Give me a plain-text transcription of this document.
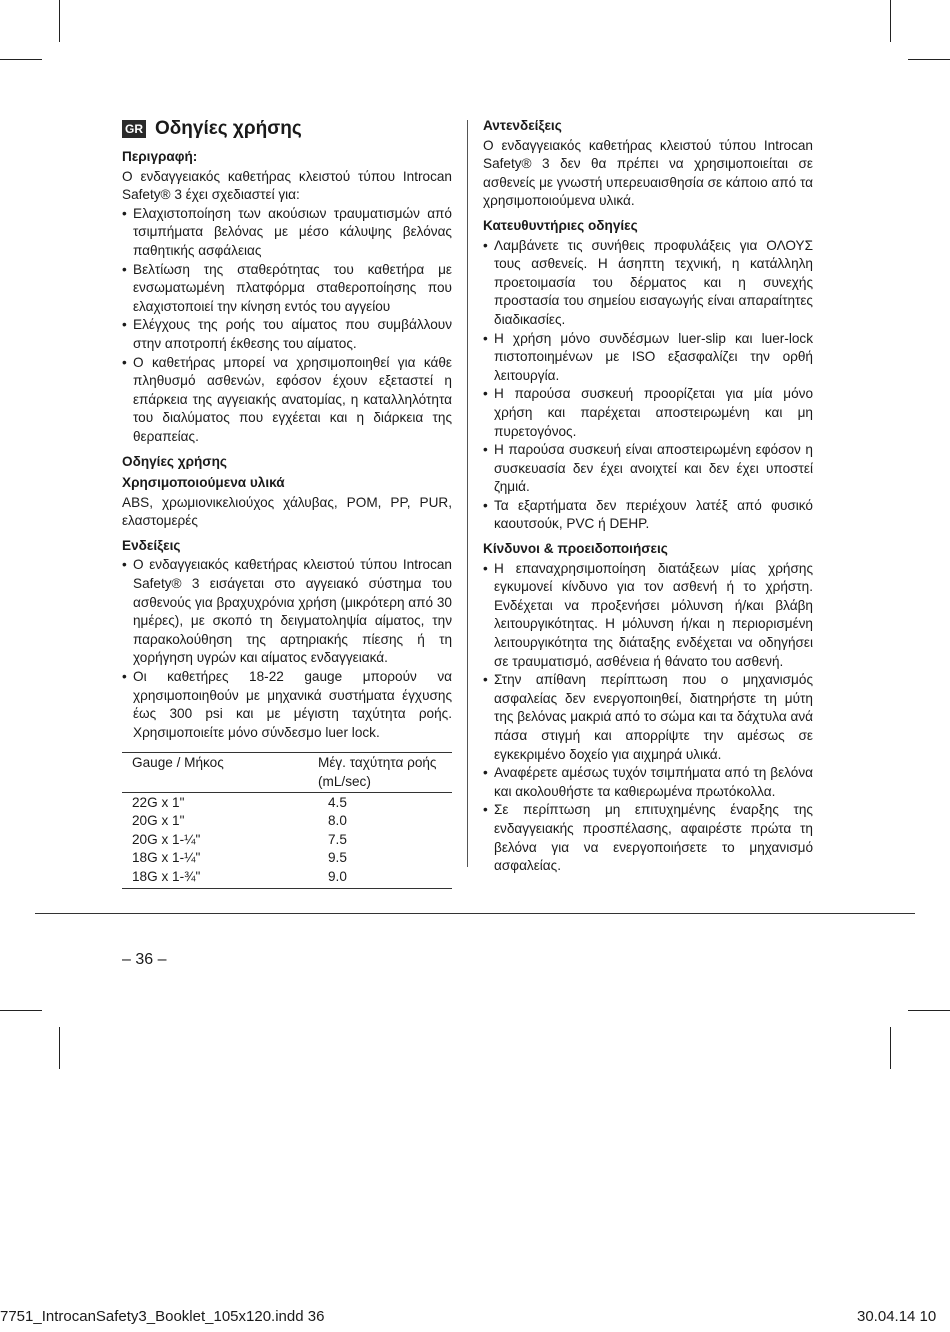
GR Οδηγίες χρήσης
Περιγραφή:

Ο ενδαγγειακός καθετήρας κλειστού τύπου Introcan Safety® 3 έχει σχεδιαστεί για:

• Ελαχιστοποίηση των ακούσιων τραυματισμών από τσιμπήματα βελόνας με μέσο κάλυψης βελόνας παθητικής ασφάλειας
• Βελτίωση της σταθερότητας του καθετήρα με ενσωματωμένη πλατφόρμα σταθεροποίησης που ελαχιστοποιεί την κίνηση εντός του αγγείου
• Ελέγχους της ροής του αίματος που συμβάλλουν στην αποτροπή έκθεσης του αίματος.
• Ο καθετήρας μπορεί να χρησιμοποιηθεί για κάθε πληθυσμό ασθενών, εφόσον έχουν εξεταστεί η επάρκεια της αγγειακής ανατομίας, η καταλληλότητα του διαλύματος που εγχέεται και η διάρκεια της θεραπείας.
Οδηγίες χρήσης
Χρησιμοποιούμενα υλικά

ABS, χρωμιονικελιούχος χάλυβας, POM, PP, PUR, ελαστομερές

Ενδείξεις
• Ο ενδαγγειακός καθετήρας κλειστού τύπου Introcan Safety® 3 εισάγεται στο αγγειακό σύστημα του ασθενούς για βραχυχρόνια χρήση (μικρότερη από 30 ημέρες), με σκοπό τη δειγματοληψία αίματος, την παρακολούθηση της αρτηριακής πίεσης ή τη χορήγηση υγρών και αίματος ενδαγγειακά.
• Οι καθετήρες 18-22 gauge μπορούν να χρησιμοποιηθούν με μηχανικά συστήματα έγχυσης έως 300 psi και με μέγιστη ταχύτητα ροής. Χρησιμοποιείτε μόνο σύνδεσμο luer lock.
Gauge / Μήκος	Μέγ. ταχύτητα ροής
(mL/sec)
22G x 1"	4.5
20G x 1"	8.0
20G x 1-¼"	7.5
18G x 1-¼"	9.5
18G x 1-¾"	9.0
Αντενδείξεις

Ο ενδαγγειακός καθετήρας κλειστού τύπου Introcan Safety® 3 δεν θα πρέπει να χρησιμοποιείται σε ασθενείς με γνωστή υπερευαισθησία σε κάποιο από τα χρησιμοποιούμενα υλικά.

Κατευθυντήριες οδηγίες
• Λαμβάνετε τις συνήθεις προφυλάξεις για ΟΛΟΥΣ τους ασθενείς. Η άσηπτη τεχνική, η κατάλληλη προετοιμασία του δέρματος και η συνεχής προστασία του σημείου εισαγωγής είναι απαραίτητες διαδικασίες.
• Η χρήση μόνο συνδέσμων luer-slip και luer-lock πιστοποιημένων με ISO εξασφαλίζει την ορθή λειτουργία.
• Η παρούσα συσκευή προορίζεται για μία μόνο χρήση και παρέχεται αποστειρωμένη και μη πυρετογόνος.
• Η παρούσα συσκευή είναι αποστειρωμένη εφόσον η συσκευασία δεν έχει ανοιχτεί και δεν έχει υποστεί ζημιά.
• Τα εξαρτήματα δεν περιέχουν λατέξ από φυσικό καουτσούκ, PVC ή DEHP.
Κίνδυνοι & προειδοποιήσεις
• Η επαναχρησιμοποίηση διατάξεων μίας χρήσης εγκυμονεί κίνδυνο για τον ασθενή ή το χρήστη. Ενδέχεται να προξενήσει μόλυνση ή/και βλάβη λειτουργικότητας. Η μόλυνση ή/και η περιορισμένη λειτουργικότητα της διάταξης ενδέχεται να οδηγήσει σε τραυματισμό, ασθένεια ή θάνατο του ασθενή.
• Στην απίθανη περίπτωση που ο μηχανισμός ασφαλείας δεν ενεργοποιηθεί, διατηρήστε τη μύτη της βελόνας μακριά από το σώμα και τα δάχτυλα ανά πάσα στιγμή και απορρίψτε την αμέσως σε εγκεκριμένο δοχείο για αιχμηρά υλικά.
• Αναφέρετε αμέσως τυχόν τσιμπήματα από τη βελόνα και ακολουθήστε τα καθιερωμένα πρωτόκολλα.
• Σε περίπτωση μη επιτυχημένης έναρξης της ενδαγγειακής προσπέλασης, αφαιρέστε πρώτα τη βελόνα για να ενεργοποιήσετε το μηχανισμό ασφαλείας.
– 36 –
7751_IntrocanSafety3_Booklet_105x120.indd 36	30.04.14 10
